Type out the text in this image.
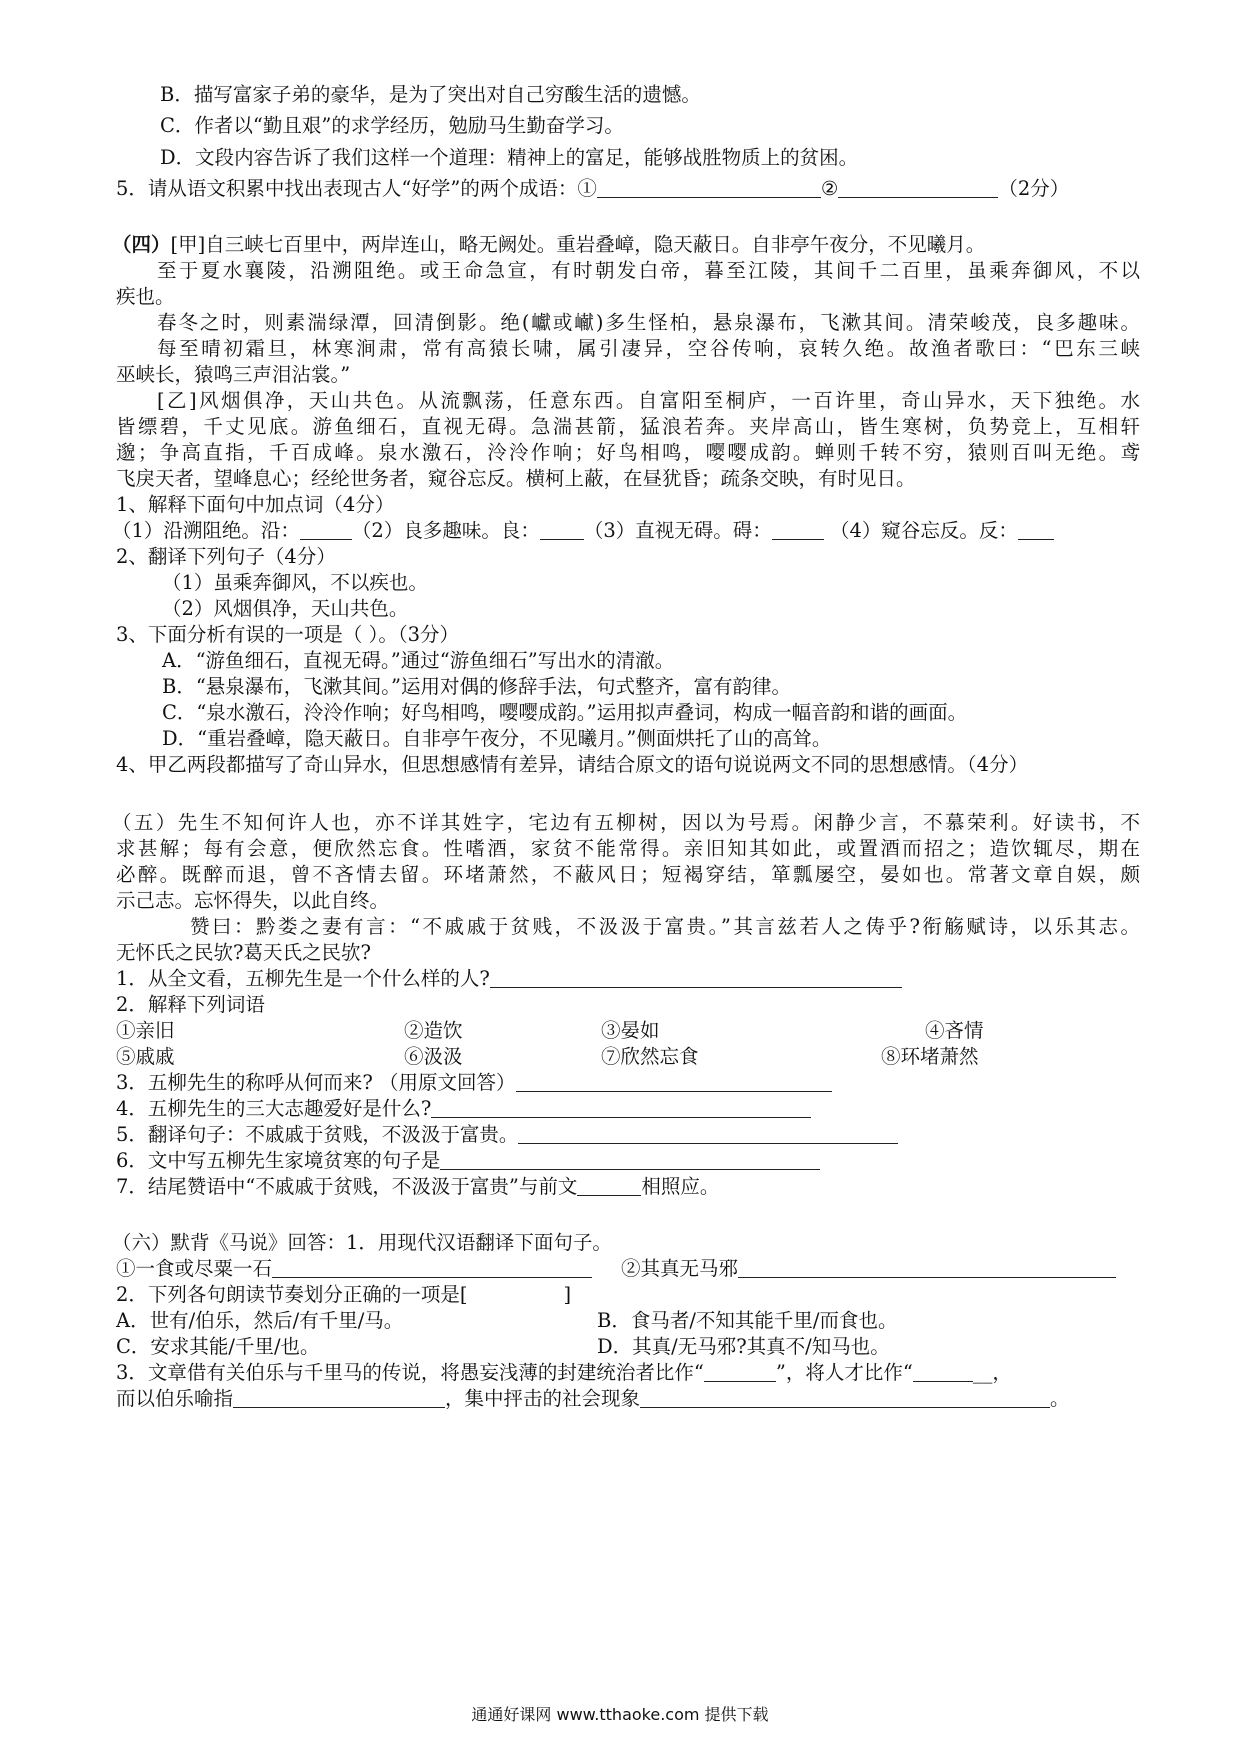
B．描写富家子弟的豪华，是为了突出对自己穷酸生活的遗憾。
C．作者以“勤且艰”的求学经历，勉励马生勤奋学习。
D．文段内容告诉了我们这样一个道理：精神上的富足，能够战胜物质上的贫困。
5．请从语文积累中找出表现古人“好学”的两个成语：①	②	（2分）
（四）[甲]自三峡七百里中，两岸连山，略无阙处。重岩叠嶂，隐天蔽日。自非亭午夜分，不见曦月。
至于夏水襄陵，沿溯阻绝。或王命急宣，有时朝发白帝，暮至江陵，其间千二百里，虽乘奔御风，不以
疾也。
春冬之时，则素湍绿潭，回清倒影。绝(巘或𪩘)多生怪柏，悬泉瀑布，飞漱其间。清荣峻茂，良多趣味。
每至晴初霜旦，林寒涧肃，常有高猿长啸，属引凄异，空谷传响，哀转久绝。故渔者歌曰：“巴东三峡
巫峡长，猿鸣三声泪沾裳。”
[乙]风烟俱净，天山共色。从流飘荡，任意东西。自富阳至桐庐，一百许里，奇山异水，天下独绝。水
皆缥碧，千丈见底。游鱼细石，直视无碍。急湍甚箭，猛浪若奔。夹岸高山，皆生寒树，负势竞上，互相轩
邈；争高直指，千百成峰。泉水激石，泠泠作响；好鸟相鸣，嘤嘤成韵。蝉则千转不穷，猿则百叫无绝。鸢
飞戾天者，望峰息心；经纶世务者，窥谷忘反。横柯上蔽，在昼犹昏；疏条交映，有时见日。
1、解释下面句中加点词（4分）
（1）沿溯阻绝。沿：	（2）良多趣味。良： （3）直视无碍。碍：	（4）窥谷忘反。反：
2、翻译下列句子（4分）
（1）虽乘奔御风，不以疾也。
（2）风烟俱净，天山共色。
3、下面分析有误的一项是（ ）。（3分）
A．“游鱼细石，直视无碍。”通过“游鱼细石”写出水的清澈。
B．“悬泉瀑布，飞漱其间。”运用对偶的修辞手法，句式整齐，富有韵律。
C．“泉水激石，泠泠作响；好鸟相鸣，嘤嘤成韵。”运用拟声叠词，构成一幅音韵和谐的画面。
D．“重岩叠嶂，隐天蔽日。自非亭午夜分，不见曦月。”侧面烘托了山的高耸。
4、甲乙两段都描写了奇山异水，但思想感情有差异，请结合原文的语句说说两文不同的思想感情。（4分）
（五）先生不知何许人也，亦不详其姓字，宅边有五柳树，因以为号焉。闲静少言，不慕荣利。好读书，不
求甚解；每有会意，便欣然忘食。性嗜酒，家贫不能常得。亲旧知其如此，或置酒而招之；造饮辄尽，期在
必醉。既醉而退，曾不吝情去留。环堵萧然，不蔽风日；短褐穿结，箪瓢屡空，晏如也。常著文章自娱，颇
示己志。忘怀得失，以此自终。
赞曰：黔娄之妻有言：“不戚戚于贫贱，不汲汲于富贵。”其言兹若人之俦乎?衔觞赋诗，以乐其志。
无怀氏之民欤?葛天氏之民欤?
1．从全文看，五柳先生是一个什么样的人?
2．解释下列词语
①亲旧	②造饮	③晏如	④吝情
⑤戚戚	⑥汲汲	⑦欣然忘食	⑧环堵萧然
3．五柳先生的称呼从何而来? （用原文回答）
4．五柳先生的三大志趣爱好是什么?
5．翻译句子：不戚戚于贫贱，不汲汲于富贵。
6．文中写五柳先生家境贫寒的句子是
7．结尾赞语中“不戚戚于贫贱，不汲汲于富贵”与前文	相照应。
（六）默背《马说》回答：1．用现代汉语翻译下面句子。
①一食或尽粟一石	②其真无马邪
2．下列各句朗读节奏划分正确的一项是[	]
A．世有/伯乐，然后/有千里/马。	B．食马者/不知其能千里/而食也。
C．安求其能/千里/也。	D．其真/无马邪?其真不/知马也。
3．文章借有关伯乐与千里马的传说，将愚妄浅薄的封建统治者比作“	”，将人才比作“	__，
而以伯乐喻指	，集中抨击的社会现象	。
通通好课网 www.tthaoke.com 提供下载
